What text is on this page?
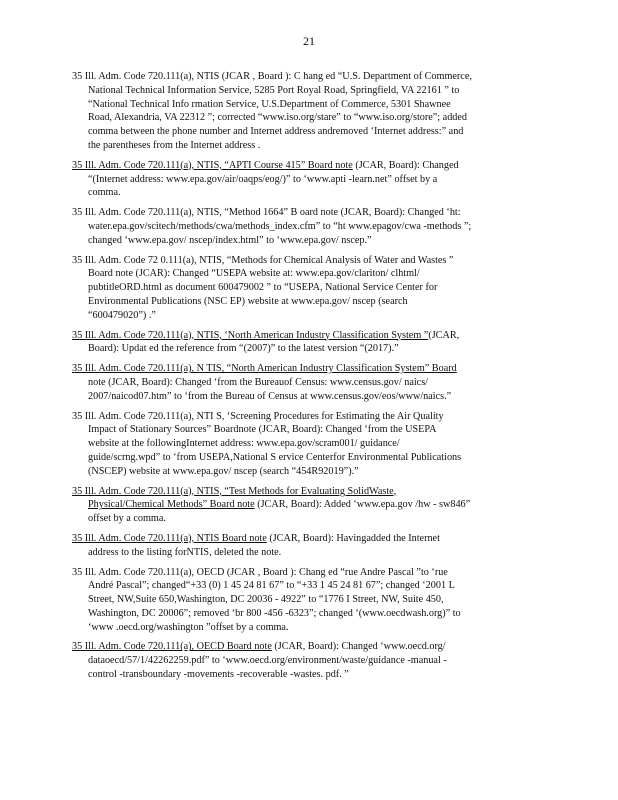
21
35 Ill. Adm. Code 720.111(a), NTIS (JCAR , Board ): C hang ed “U.S. Department of Commerce,
National Technical Information Service, 5285 Port Royal Road, Springfield, VA 22161 ” to
“National Technical Info rmation Service, U.S.Department of Commerce, 5301 Shawnee
Road, Alexandria, VA 22312 ”; corrected “www.iso.org/stare” to “www.iso.org/store”; added
comma between the phone number and Internet address andremoved ‘Internet address:” and
the parentheses from the Internet address .
35 Ill. Adm. Code 720.111(a), NTIS, “APTI Course 415” Board note (JCAR, Board): Changed
“(Internet address: www.epa.gov/air/oaqps/eog/)” to ‘www.apti -learn.net” offset by a
comma.
35 Ill. Adm. Code 720.111(a), NTIS, “Method 1664” B oard note (JCAR, Board): Changed ‘ht:
water.epa.gov/scitech/methods/cwa/methods_index.cfm” to “ht www.epagov/cwa -methods ”;
changed ‘www.epa.gov/ nscep/index.html” to ‘www.epa.gov/ nscep.”
35 Ill. Adm. Code 72 0.111(a), NTIS, “Methods for Chemical Analysis of Water and Wastes ”
Board note (JCAR): Changed “USEPA website at: www.epa.gov/clariton/ clhtml/
pubtitleORD.html as document 600479002 ” to “USEPA, National Service Center for
Environmental Publications (NSC EP) website at www.epa.gov/ nscep (search
“600479020”) .”
35 Ill. Adm. Code 720.111(a), NTIS, ‘North American Industry Classification System ”(JCAR,
Board): Updat ed the reference from “(2007)” to the latest version “(2017).”
35 Ill. Adm. Code 720.111(a), N TIS, “North American Industry Classification System” Board
note (JCAR, Board): Changed ‘from the Bureauof Census: www.census.gov/ naics/
2007/naicod07.htm” to ‘from the Bureau of Census at www.census.gov/eos/www/naics.”
35 Ill. Adm. Code 720.111(a), NTI S, ‘Screening Procedures for Estimating the Air Quality
Impact of Stationary Sources” Boardnote (JCAR, Board): Changed ‘from the USEPA
website at the followingInternet address: www.epa.gov/scram001/ guidance/
guide/scrng.wpd” to ‘from USEPA,National S ervice Centerfor Environmental Publications
(NSCEP) website at www.epa.gov/ nscep (search “454R92019”).”
35 Ill. Adm. Code 720.111(a), NTIS, “Test Methods for Evaluating SolidWaste,
Physical/Chemical Methods” Board note (JCAR, Board): Added ‘www.epa.gov /hw - sw846”
offset by a comma.
35 Ill. Adm. Code 720.111(a), NTIS Board note (JCAR, Board): Havingadded the Internet
address to the listing forNTIS, deleted the note.
35 Ill. Adm. Code 720.111(a), OECD (JCAR , Board ): Chang ed “rue Andre Pascal ”to ‘rue
André Pascal”; changed“+33 (0) 1 45 24 81 67” to “+33 1 45 24 81 67”; changed ‘2001 L
Street, NW,Suite 650,Washington, DC 20036 - 4922” to “1776 I Street, NW, Suite 450,
Washington, DC 20006”; removed ‘br 800 -456 -6323”; changed ‘(www.oecdwash.org)” to
‘www .oecd.org/washington ”offset by a comma.
35 Ill. Adm. Code 720.111(a), OECD Board note (JCAR, Board): Changed ‘www.oecd.org/
dataoecd/57/1/42262259.pdf” to ‘www.oecd.org/environment/waste/guidance -manual -
control -transboundary -movements -recoverable -wastes. pdf. ”
